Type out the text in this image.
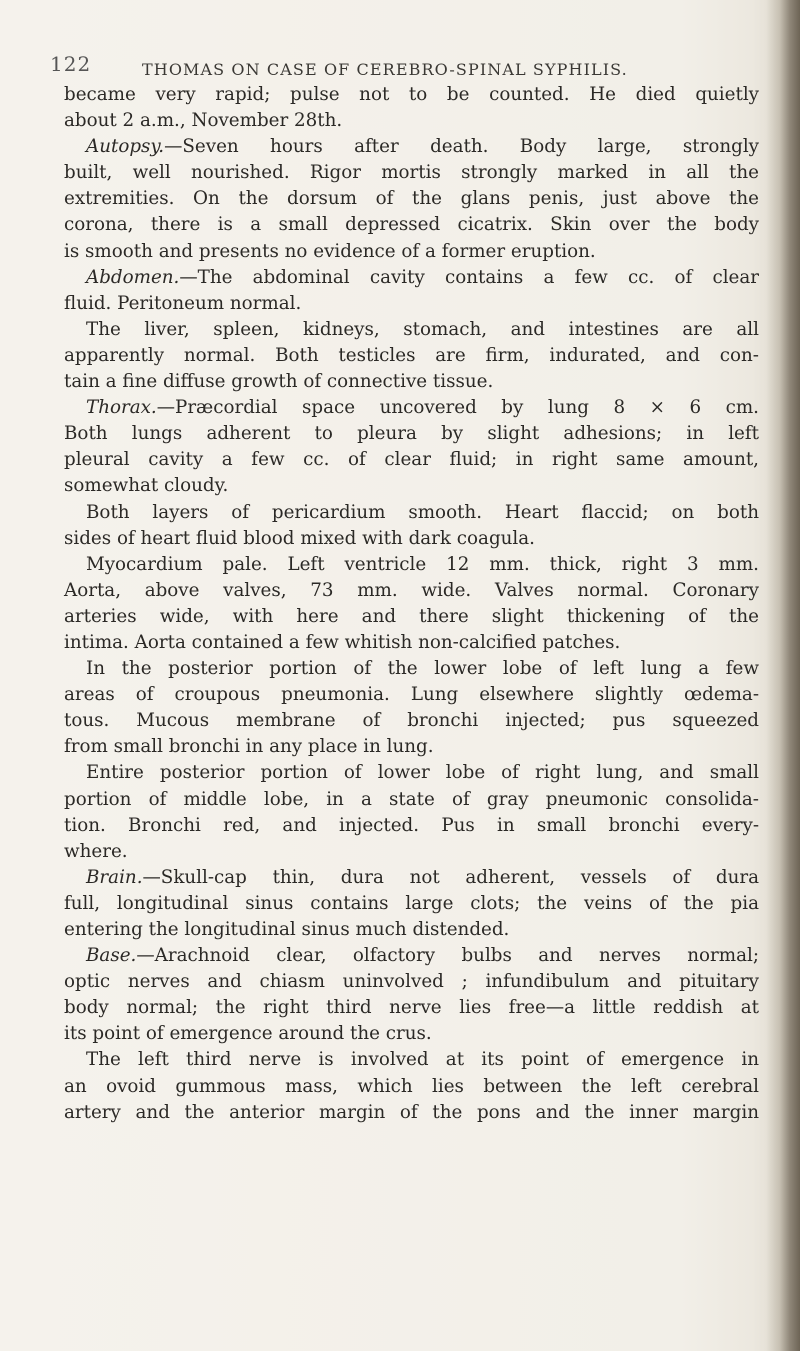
122	THOMAS ON CASE OF CEREBRO-SPINAL SYPHILIS.
became very rapid; pulse not to be counted. He died quietly
about 2 a.m., November 28th.
Autopsy.—Seven hours after death. Body large, strongly
built, well nourished. Rigor mortis strongly marked in all the
extremities. On the dorsum of the glans penis, just above the
corona, there is a small depressed cicatrix. Skin over the body
is smooth and presents no evidence of a former eruption.
Abdomen.—The abdominal cavity contains a few cc. of clear
fluid. Peritoneum normal.
The liver, spleen, kidneys, stomach, and intestines are all
apparently normal. Both testicles are firm, indurated, and con-
tain a fine diffuse growth of connective tissue.
Thorax.—Præcordial space uncovered by lung 8 × 6 cm.
Both lungs adherent to pleura by slight adhesions; in left
pleural cavity a few cc. of clear fluid; in right same amount,
somewhat cloudy.
Both layers of pericardium smooth. Heart flaccid; on both
sides of heart fluid blood mixed with dark coagula.
Myocardium pale. Left ventricle 12 mm. thick, right 3 mm.
Aorta, above valves, 73 mm. wide. Valves normal. Coronary
arteries wide, with here and there slight thickening of the
intima. Aorta contained a few whitish non-calcified patches.
In the posterior portion of the lower lobe of left lung a few
areas of croupous pneumonia. Lung elsewhere slightly œdema-
tous. Mucous membrane of bronchi injected; pus squeezed
from small bronchi in any place in lung.
Entire posterior portion of lower lobe of right lung, and small
portion of middle lobe, in a state of gray pneumonic consolida-
tion. Bronchi red, and injected. Pus in small bronchi every-
where.
Brain.—Skull-cap thin, dura not adherent, vessels of dura
full, longitudinal sinus contains large clots; the veins of the pia
entering the longitudinal sinus much distended.
Base.—Arachnoid clear, olfactory bulbs and nerves normal;
optic nerves and chiasm uninvolved ; infundibulum and pituitary
body normal; the right third nerve lies free—a little reddish at
its point of emergence around the crus.
The left third nerve is involved at its point of emergence in
an ovoid gummous mass, which lies between the left cerebral
artery and the anterior margin of the pons and the inner margin
